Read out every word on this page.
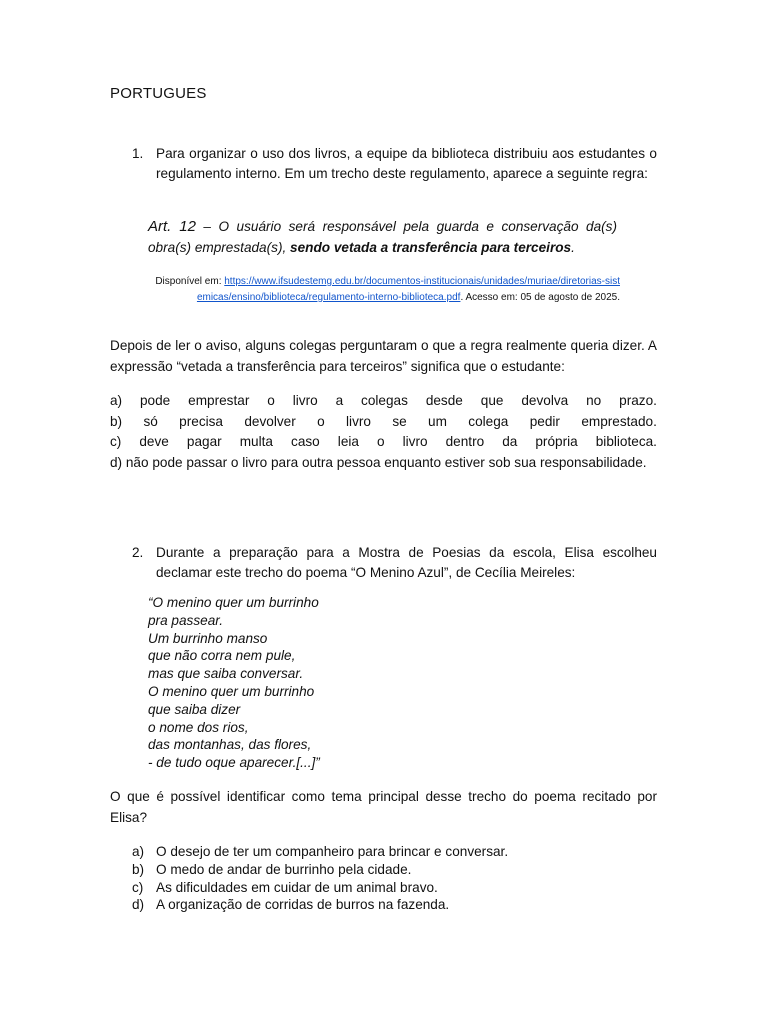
PORTUGUES
1. Para organizar o uso dos livros, a equipe da biblioteca distribuiu aos estudantes o regulamento interno. Em um trecho deste regulamento, aparece a seguinte regra:
Art. 12 – O usuário será responsável pela guarda e conservação da(s) obra(s) emprestada(s), sendo vetada a transferência para terceiros.
Disponível em: https://www.ifsudestemg.edu.br/documentos-institucionais/unidades/muriae/diretorias-sistemicas/ensino/biblioteca/regulamento-interno-biblioteca.pdf. Acesso em: 05 de agosto de 2025.
Depois de ler o aviso, alguns colegas perguntaram o que a regra realmente queria dizer. A expressão “vetada a transferência para terceiros” significa que o estudante:
a) pode emprestar o livro a colegas desde que devolva no prazo.
b) só precisa devolver o livro se um colega pedir emprestado.
c) deve pagar multa caso leia o livro dentro da própria biblioteca.
d) não pode passar o livro para outra pessoa enquanto estiver sob sua responsabilidade.
2. Durante a preparação para a Mostra de Poesias da escola, Elisa escolheu declamar este trecho do poema “O Menino Azul”, de Cecília Meireles:
“O menino quer um burrinho
pra passear.
Um burrinho manso
que não corra nem pule,
mas que saiba conversar.
O menino quer um burrinho
que saiba dizer
o nome dos rios,
das montanhas, das flores,
- de tudo oque aparecer.[...]”
O que é possível identificar como tema principal desse trecho do poema recitado por Elisa?
a) O desejo de ter um companheiro para brincar e conversar.
b) O medo de andar de burrinho pela cidade.
c) As dificuldades em cuidar de um animal bravo.
d) A organização de corridas de burros na fazenda.
